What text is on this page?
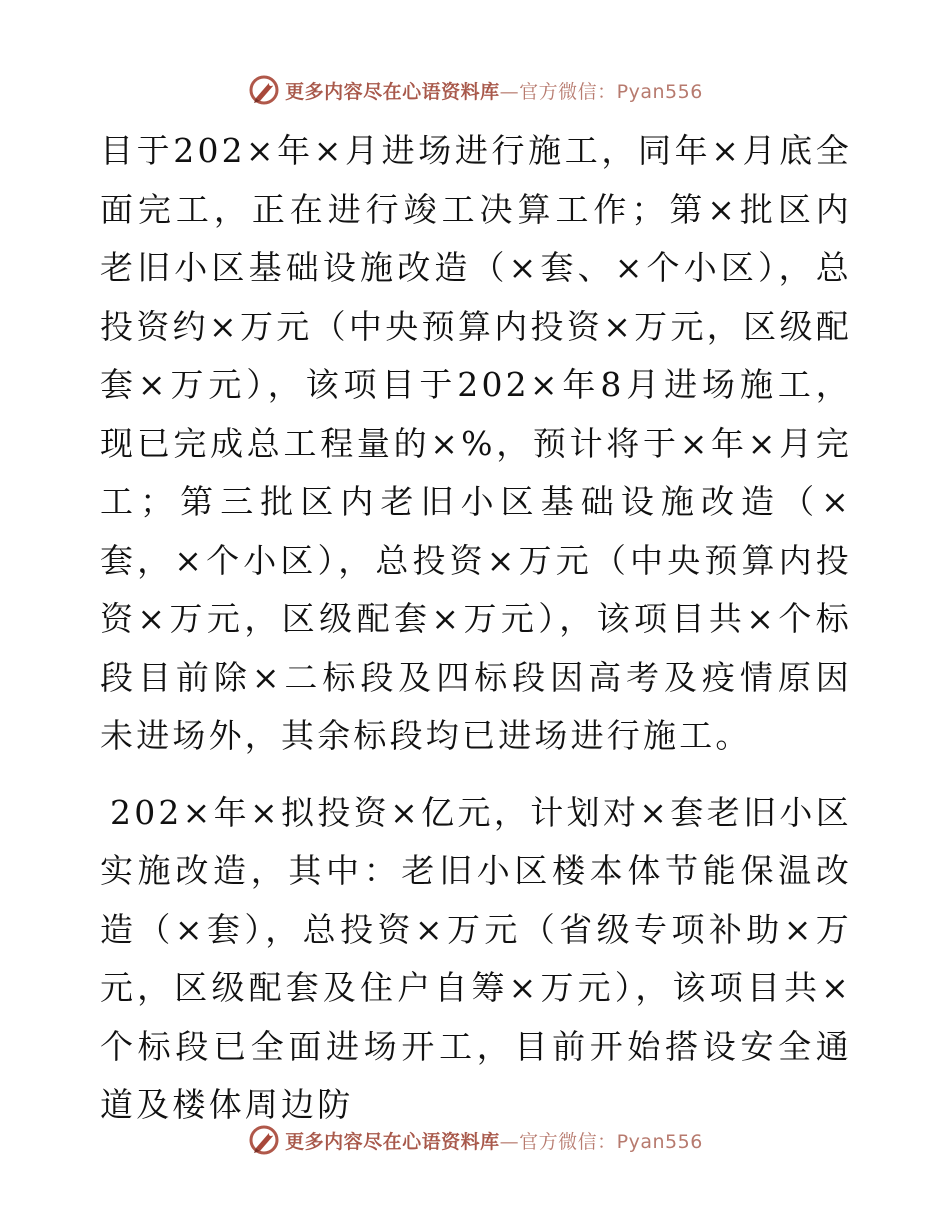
更多内容尽在心语资料库—官方微信：Pyan556

目于202×年×月进场进行施工，同年×月底全面完工，正在进行竣工决算工作；第×批区内老旧小区基础设施改造（×套、×个小区），总投资约×万元（中央预算内投资×万元，区级配套×万元），该项目于202×年8月进场施工，现已完成总工程量的×%，预计将于×年×月完工；第三批区内老旧小区基础设施改造（×套，×个小区），总投资×万元（中央预算内投资×万元，区级配套×万元），该项目共×个标段目前除×二标段及四标段因高考及疫情原因未进场外，其余标段均已进场进行施工。

202×年×拟投资×亿元，计划对×套老旧小区实施改造，其中：老旧小区楼本体节能保温改造（×套），总投资×万元（省级专项补助×万元，区级配套及住户自筹×万元），该项目共×个标段已全面进场开工，目前开始搭设安全通道及楼体周边防

更多内容尽在心语资料库—官方微信：Pyan556
